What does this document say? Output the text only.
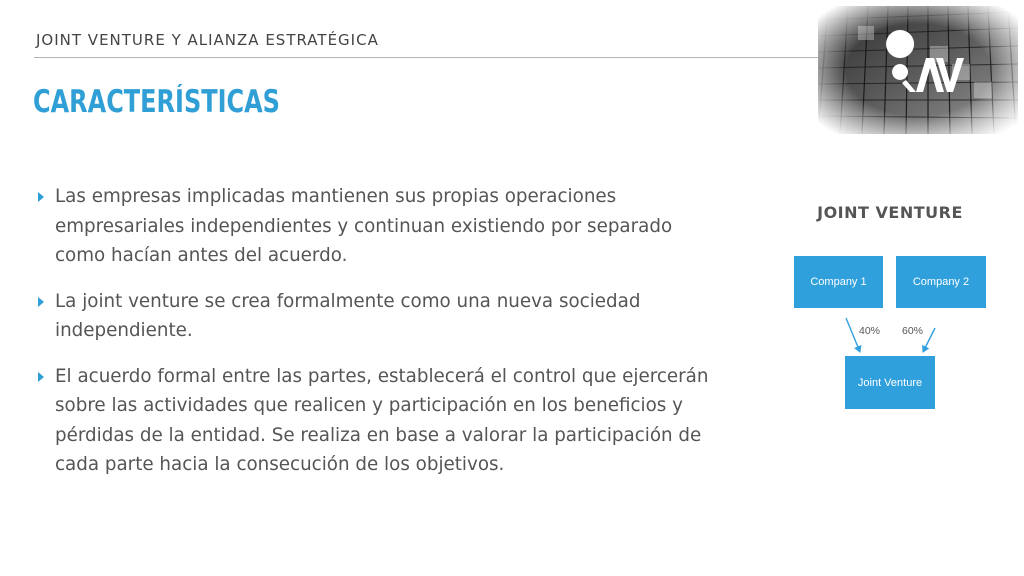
JOINT VENTURE Y ALIANZA ESTRATÉGICA
CARACTERÍSTICAS
Las empresas implicadas mantienen sus propias operaciones
empresariales independientes y continuan existiendo por separado
como hacían antes del acuerdo.
La joint venture se crea formalmente como una nueva sociedad
independiente.
El acuerdo formal entre las partes, establecerá el control que ejercerán
sobre las actividades que realicen y participación en los beneficios y
pérdidas de la entidad. Se realiza en base a valorar la participación de
cada parte hacia la consecución de los objetivos.
JOINT VENTURE
Company 1	Company 2
40% 60%
Joint Venture
